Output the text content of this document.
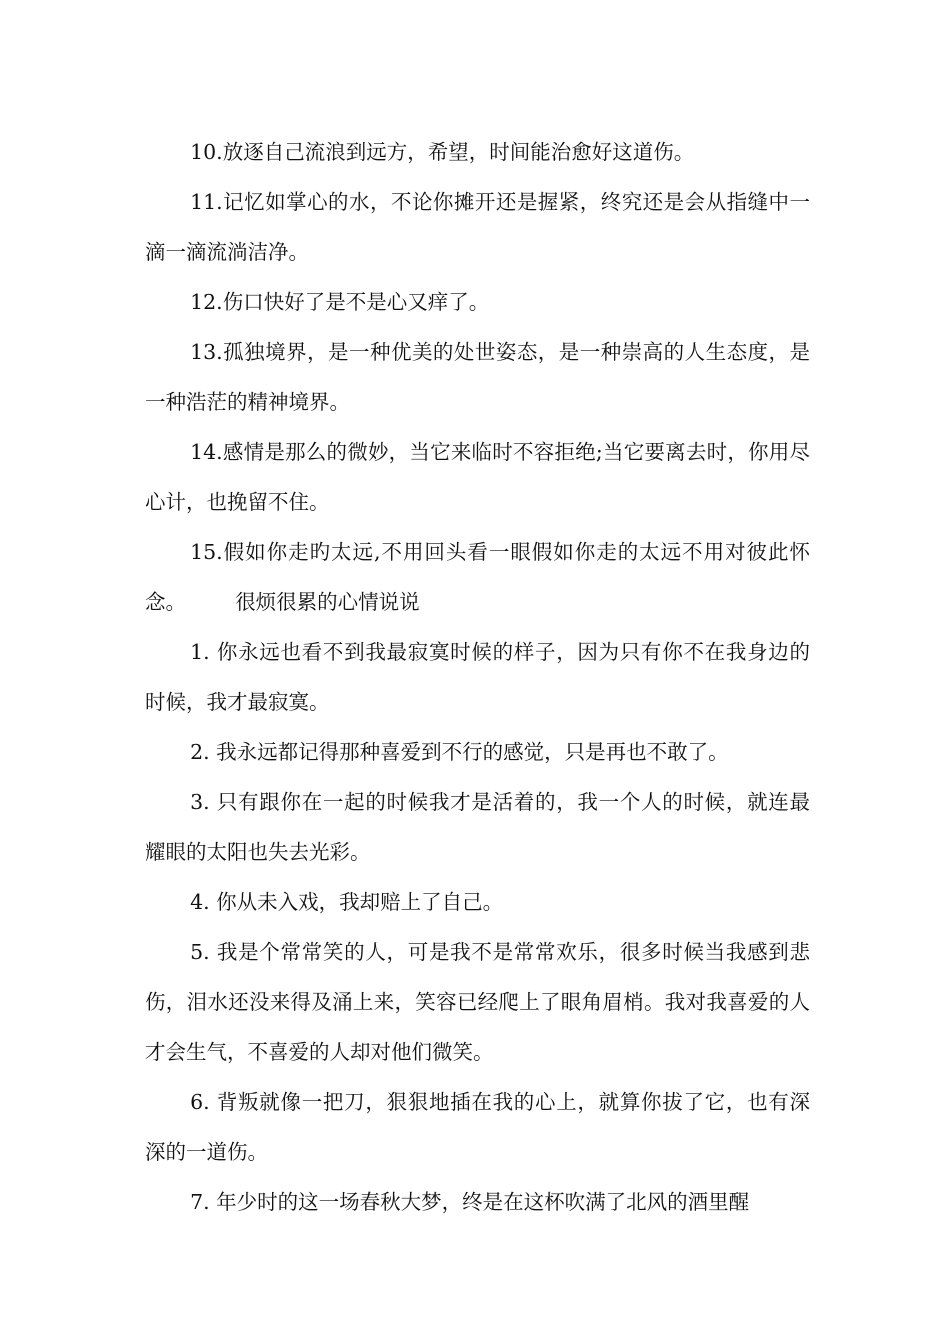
10.放逐自己流浪到远方，希望，时间能治愈好这道伤。

11.记忆如掌心的水，不论你摊开还是握紧，终究还是会从指缝中一滴一滴流淌洁净。

12.伤口快好了是不是心又痒了。

13.孤独境界，是一种优美的处世姿态，是一种崇高的人生态度，是一种浩茫的精神境界。

14.感情是那么的微妙，当它来临时不容拒绝;当它要离去时，你用尽心计，也挽留不住。

15.假如你走旳太远,不用回头看一眼假如你走的太远不用对彼此怀念。 很烦很累的心情说说

1. 你永远也看不到我最寂寞时候的样子，因为只有你不在我身边的时候，我才最寂寞。

2. 我永远都记得那种喜爱到不行的感觉，只是再也不敢了。

3. 只有跟你在一起的时候我才是活着的，我一个人的时候，就连最耀眼的太阳也失去光彩。

4. 你从未入戏，我却赔上了自己。

5. 我是个常常笑的人，可是我不是常常欢乐，很多时候当我感到悲伤，泪水还没来得及涌上来，笑容已经爬上了眼角眉梢。我对我喜爱的人才会生气，不喜爱的人却对他们微笑。

6. 背叛就像一把刀，狠狠地插在我的心上，就算你拔了它，也有深深的一道伤。

7. 年少时的这一场春秋大梦，终是在这杯吹满了北风的酒里醒
